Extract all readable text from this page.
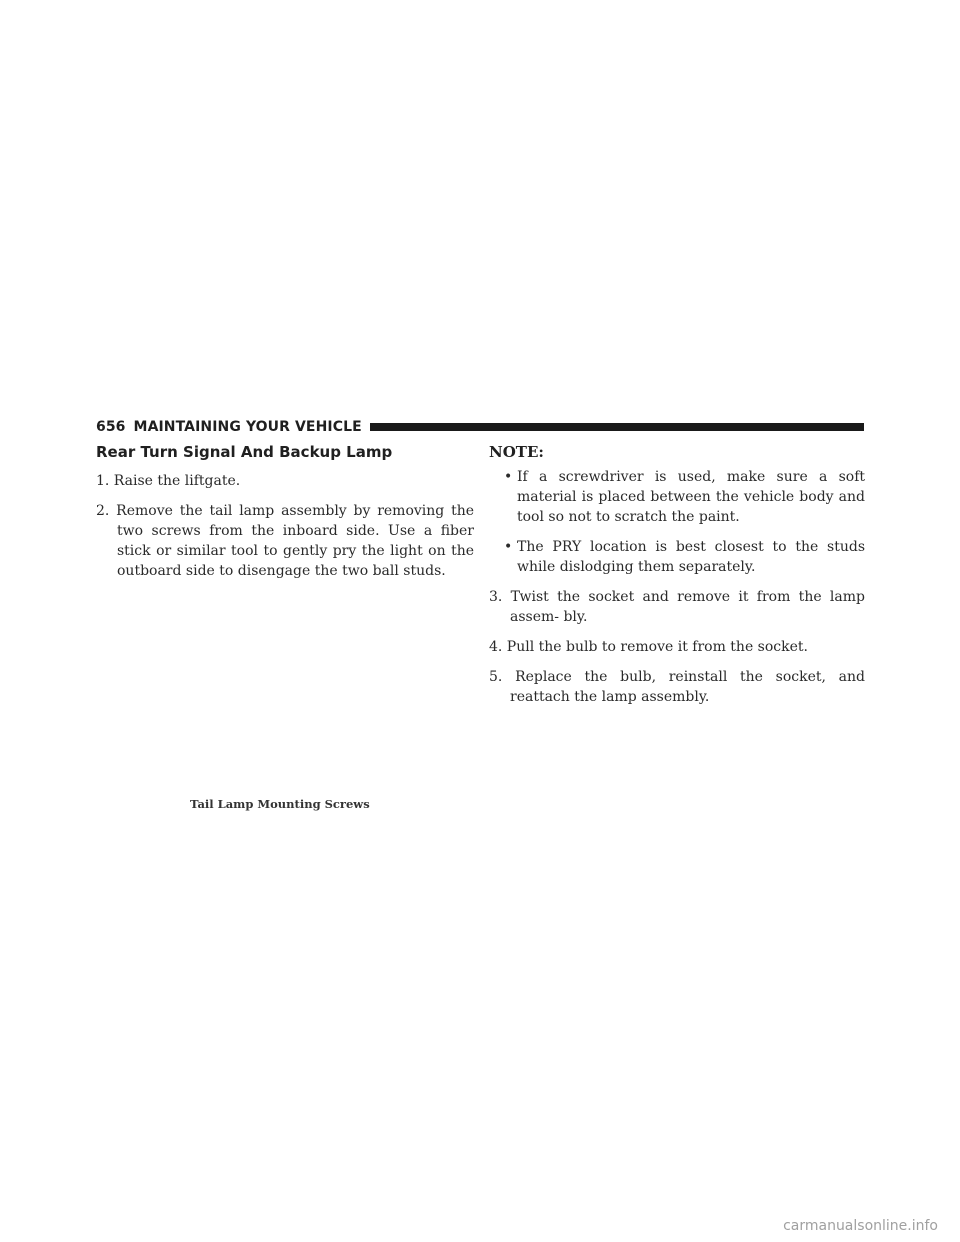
656 MAINTAINING YOUR VEHICLE
Rear Turn Signal And Backup Lamp

1. Raise the liftgate.

2. Remove the tail lamp assembly by removing the two screws from the inboard side. Use a fiber stick or similar tool to gently pry the light on the outboard side to disengage the two ball studs.

Tail Lamp Mounting Screws
NOTE:
• If a screwdriver is used, make sure a soft material is placed between the vehicle body and tool so not to scratch the paint.
• The PRY location is best closest to the studs while dislodging them separately.

3. Twist the socket and remove it from the lamp assem- bly.

4. Pull the bulb to remove it from the socket.

5. Replace the bulb, reinstall the socket, and reattach the lamp assembly.

carmanualsonline.info
